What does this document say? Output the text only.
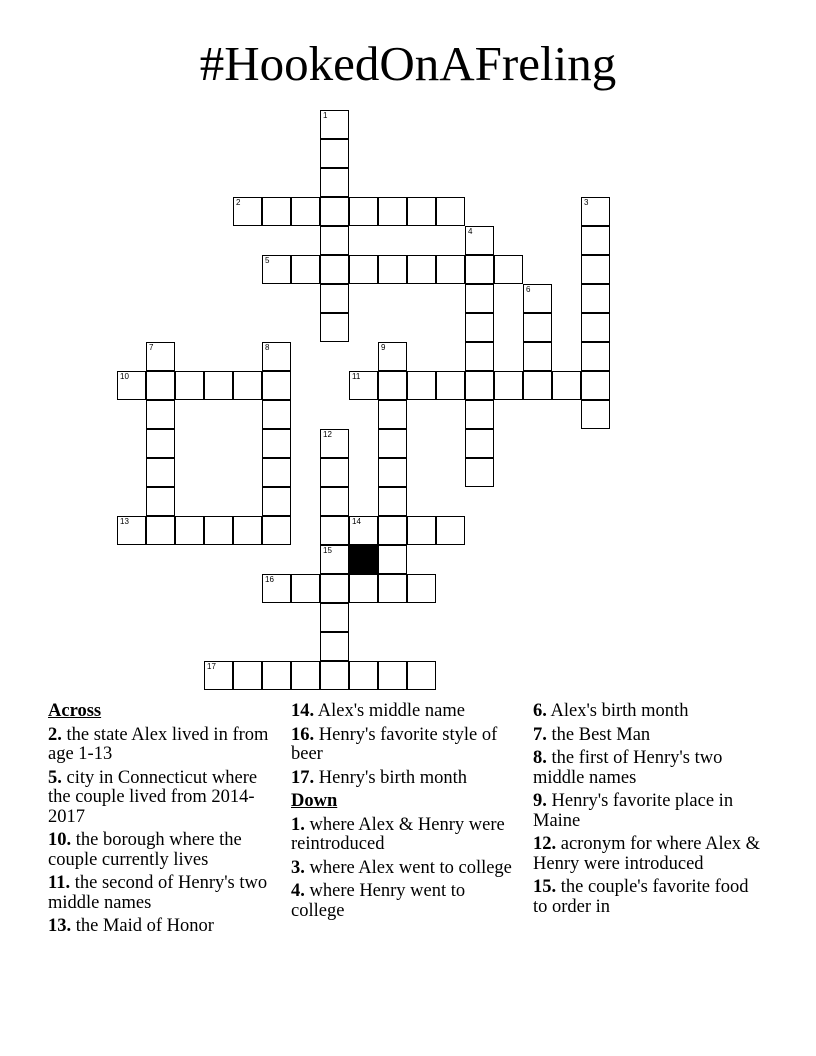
#HookedOnAFreling
1
2	3
4
5
6
7	8	9
10	11
12
13	14
15
16
17
Across
2. the state Alex lived in from age 1-13
5. city in Connecticut where the couple lived from 2014-2017
10. the borough where the couple currently lives
11. the second of Henry's two middle names
13. the Maid of Honor
14. Alex's middle name
16. Henry's favorite style of beer
17. Henry's birth month
Down
1. where Alex & Henry were reintroduced
3. where Alex went to college
4. where Henry went to college
6. Alex's birth month
7. the Best Man
8. the first of Henry's two middle names
9. Henry's favorite place in Maine
12. acronym for where Alex & Henry were introduced
15. the couple's favorite food to order in
